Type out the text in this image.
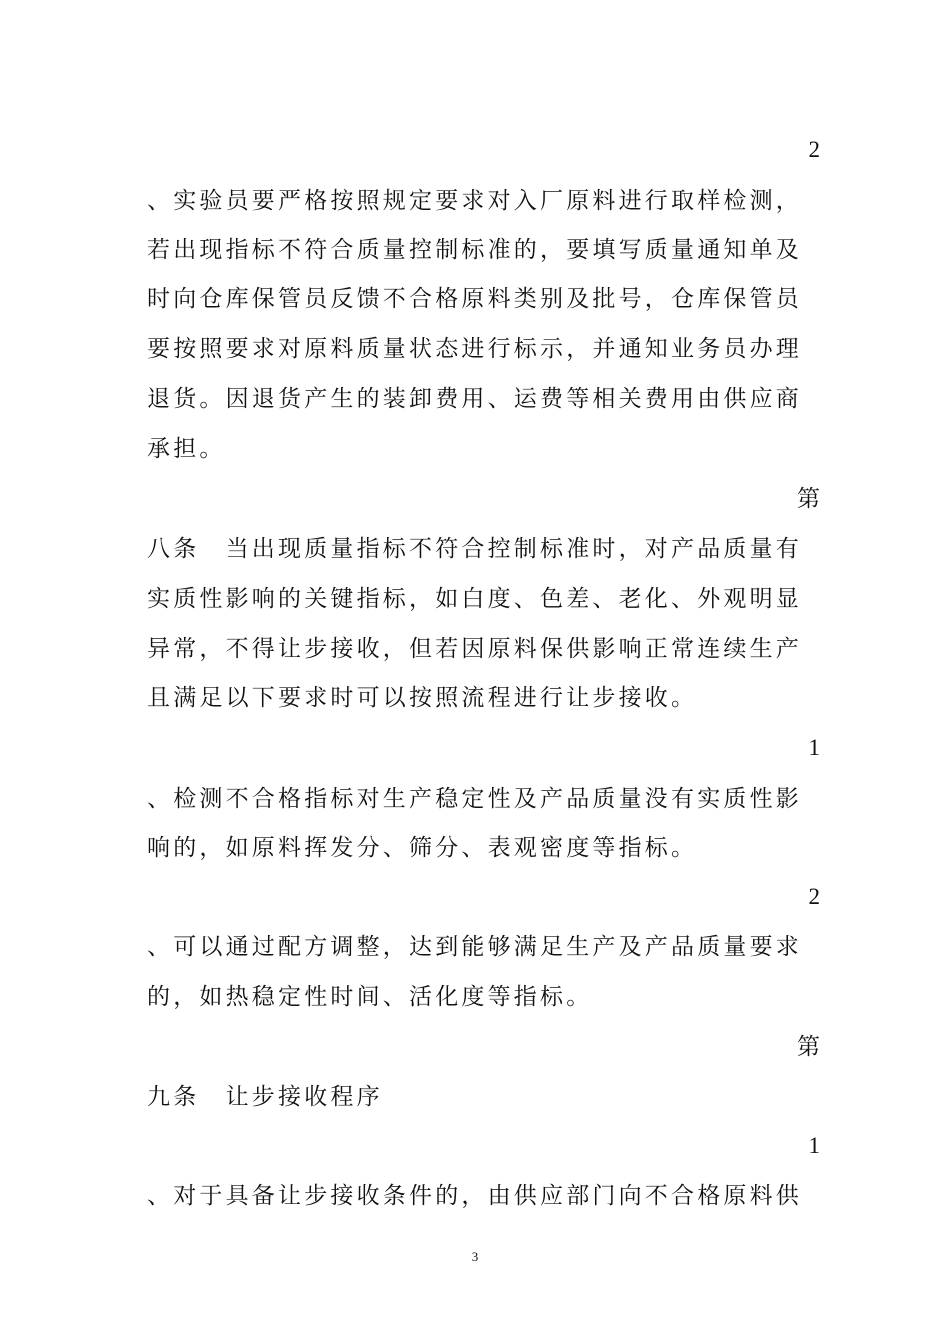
2
、实验员要严格按照规定要求对入厂原料进行取样检测，
若出现指标不符合质量控制标准的，要填写质量通知单及
时向仓库保管员反馈不合格原料类别及批号，仓库保管员
要按照要求对原料质量状态进行标示，并通知业务员办理
退货。因退货产生的装卸费用、运费等相关费用由供应商
承担。
第
八条　当出现质量指标不符合控制标准时，对产品质量有
实质性影响的关键指标，如白度、色差、老化、外观明显
异常，不得让步接收，但若因原料保供影响正常连续生产
且满足以下要求时可以按照流程进行让步接收。
1
、检测不合格指标对生产稳定性及产品质量没有实质性影
响的，如原料挥发分、筛分、表观密度等指标。
2
、可以通过配方调整，达到能够满足生产及产品质量要求
的，如热稳定性时间、活化度等指标。
第
九条　让步接收程序
1
、对于具备让步接收条件的，由供应部门向不合格原料供
3
